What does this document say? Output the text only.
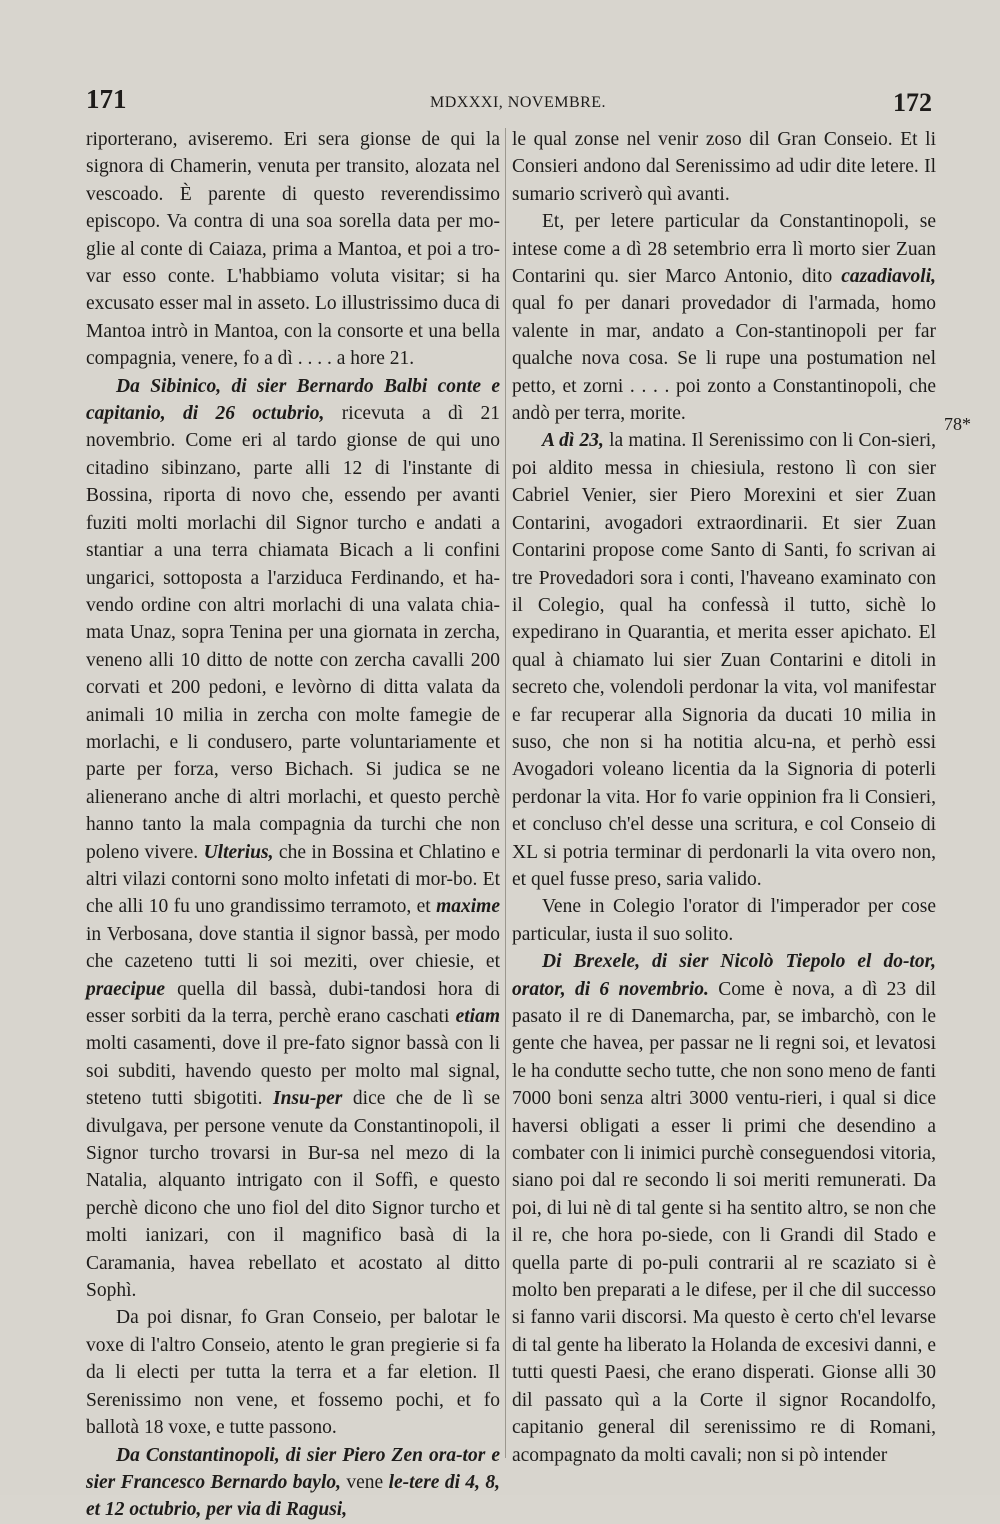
171	MDXXXI, NOVEMBRE.	172
78*

riporterano, aviseremo. Eri sera gionse de qui la signora di Chamerin, venuta per transito, alozata nel vescoado. È parente di questo reverendissimo episcopo. Va contra di una soa sorella data per mo-glie al conte di Caiaza, prima a Mantoa, et poi a tro-var esso conte. L'habbiamo voluta visitar; si ha excusato esser mal in asseto. Lo illustrissimo duca di Mantoa intrò in Mantoa, con la consorte et una bella compagnia, venere, fo a dì . . . . a hore 21.

Da Sibinico, di sier Bernardo Balbi conte e capitanio, di 26 octubrio, ricevuta a dì 21 novembrio. Come eri al tardo gionse de qui uno citadino sibinzano, parte alli 12 di l'instante di Bossina, riporta di novo che, essendo per avanti fuziti molti morlachi dil Signor turcho e andati a stantiar a una terra chiamata Bicach a li confini ungarici, sottoposta a l'arziduca Ferdinando, et ha-vendo ordine con altri morlachi di una valata chia-mata Unaz, sopra Tenina per una giornata in zercha, veneno alli 10 ditto de notte con zercha cavalli 200 corvati et 200 pedoni, e levòrno di ditta valata da animali 10 milia in zercha con molte famegie de morlachi, e li condusero, parte voluntariamente et parte per forza, verso Bichach. Si judica se ne alienerano anche di altri morlachi, et questo perchè hanno tanto la mala compagnia da turchi che non poleno vivere. Ulterius, che in Bossina et Chlatino e altri vilazi contorni sono molto infetati di mor-bo. Et che alli 10 fu uno grandissimo terramoto, et maxime in Verbosana, dove stantia il signor bassà, per modo che cazeteno tutti li soi meziti, over chiesie, et praecipue quella dil bassà, dubi-tandosi hora di esser sorbiti da la terra, perchè erano caschati etiam molti casamenti, dove il pre-fato signor bassà con li soi subditi, havendo questo per molto mal signal, steteno tutti sbigotiti. Insu-per dice che de lì se divulgava, per persone venute da Constantinopoli, il Signor turcho trovarsi in Bur-sa nel mezo di la Natalia, alquanto intrigato con il Soffì, e questo perchè dicono che uno fiol del dito Signor turcho et molti ianizari, con il magnifico basà di la Caramania, havea rebellato et acostato al ditto Sophì.

Da poi disnar, fo Gran Conseio, per balotar le voxe di l'altro Conseio, atento le gran pregierie si fa da li electi per tutta la terra et a far eletion. Il Serenissimo non vene, et fossemo pochi, et fo ballotà 18 voxe, e tutte passono.

Da Constantinopoli, di sier Piero Zen ora-tor e sier Francesco Bernardo baylo, vene le-tere di 4, 8, et 12 octubrio, per via di Ragusi,

le qual zonse nel venir zoso dil Gran Conseio. Et li Consieri andono dal Serenissimo ad udir dite letere. Il sumario scriverò quì avanti.

Et, per letere particular da Constantinopoli, se intese come a dì 28 setembrio erra lì morto sier Zuan Contarini qu. sier Marco Antonio, dito cazadiavoli, qual fo per danari provedador di l'armada, homo valente in mar, andato a Con-stantinopoli per far qualche nova cosa. Se li rupe una postumation nel petto, et zorni . . . . poi zonto a Constantinopoli, che andò per terra, morite.

A dì 23, la matina. Il Serenissimo con li Con-sieri, poi aldito messa in chiesiula, restono lì con sier Cabriel Venier, sier Piero Morexini et sier Zuan Contarini, avogadori extraordinarii. Et sier Zuan Contarini propose come Santo di Santi, fo scrivan ai tre Provedadori sora i conti, l'haveano examinato con il Colegio, qual ha confessà il tutto, sichè lo expedirano in Quarantia, et merita esser apichato. El qual à chiamato lui sier Zuan Contarini e ditoli in secreto che, volendoli perdonar la vita, vol manifestar e far recuperar alla Signoria da ducati 10 milia in suso, che non si ha notitia alcu-na, et perhò essi Avogadori voleano licentia da la Signoria di poterli perdonar la vita. Hor fo varie oppinion fra li Consieri, et concluso ch'el desse una scritura, e col Conseio di XL si potria terminar di perdonarli la vita overo non, et quel fusse preso, saria valido.

Vene in Colegio l'orator di l'imperador per cose particular, iusta il suo solito.

Di Brexele, di sier Nicolò Tiepolo el do-tor, orator, di 6 novembrio. Come è nova, a dì 23 dil pasato il re di Danemarcha, par, se imbarchò, con le gente che havea, per passar ne li regni soi, et levatosi le ha condutte secho tutte, che non sono meno de fanti 7000 boni senza altri 3000 ventu-rieri, i qual si dice haversi obligati a esser li primi che desendino a combater con li inimici purchè conseguendosi vitoria, siano poi dal re secondo li soi meriti remunerati. Da poi, di lui nè di tal gente si ha sentito altro, se non che il re, che hora po-siede, con li Grandi dil Stado e quella parte di po-puli contrarii al re scaziato si è molto ben preparati a le difese, per il che dil successo si fanno varii discorsi. Ma questo è certo ch'el levarse di tal gente ha liberato la Holanda de excesivi danni, e tutti questi Paesi, che erano disperati. Gionse alli 30 dil passato quì a la Corte il signor Rocandolfo, capitanio general dil serenissimo re di Romani, acompagnato da molti cavali; non si pò intender
